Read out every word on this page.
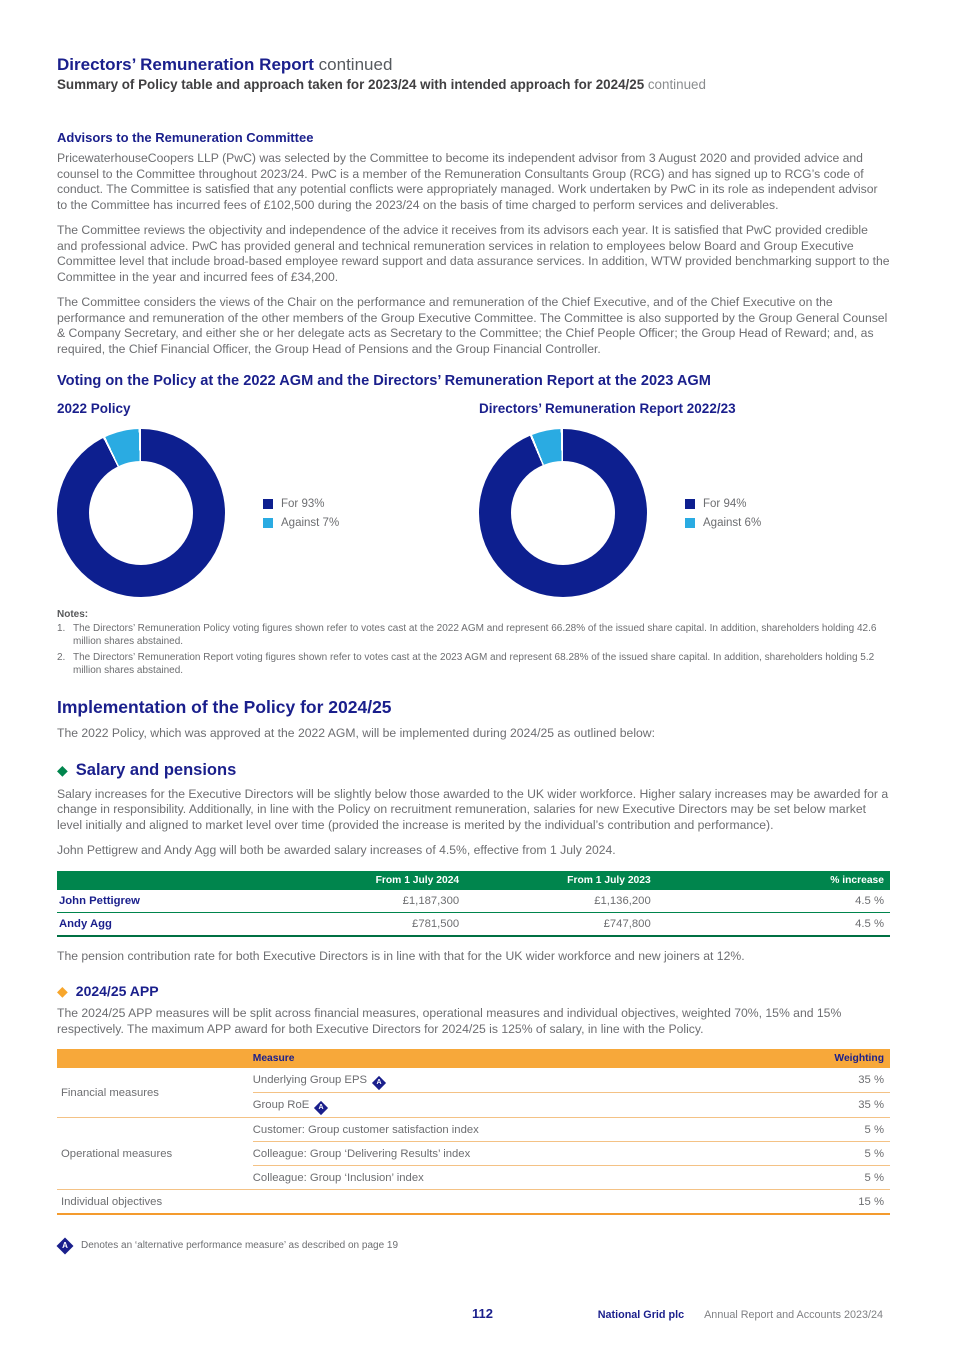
Directors’ Remuneration Report continued
Summary of Policy table and approach taken for 2023/24 with intended approach for 2024/25 continued
Advisors to the Remuneration Committee

PricewaterhouseCoopers LLP (PwC) was selected by the Committee to become its independent advisor from 3 August 2020 and provided advice and counsel to the Committee throughout 2023/24. PwC is a member of the Remuneration Consultants Group (RCG) and has signed up to RCG’s code of conduct. The Committee is satisfied that any potential conflicts were appropriately managed. Work undertaken by PwC in its role as independent advisor to the Committee has incurred fees of £102,500 during the 2023/24 on the basis of time charged to perform services and deliverables.

The Committee reviews the objectivity and independence of the advice it receives from its advisors each year. It is satisfied that PwC provided credible and professional advice. PwC has provided general and technical remuneration services in relation to employees below Board and Group Executive Committee level that include broad-based employee reward support and data assurance services. In addition, WTW provided benchmarking support to the Committee in the year and incurred fees of £34,200.

The Committee considers the views of the Chair on the performance and remuneration of the Chief Executive, and of the Chief Executive on the performance and remuneration of the other members of the Group Executive Committee. The Committee is also supported by the Group General Counsel & Company Secretary, and either she or her delegate acts as Secretary to the Committee; the Chief People Officer; the Group Head of Reward; and, as required, the Chief Financial Officer, the Group Head of Pensions and the Group Financial Controller.

Voting on the Policy at the 2022 AGM and the Directors’ Remuneration Report at the 2023 AGM
2022 Policy
For 93%
Against 7%
Directors’ Remuneration Report 2022/23
For 94%
Against 6%
Notes:
1. The Directors’ Remuneration Policy voting figures shown refer to votes cast at the 2022 AGM and represent 66.28% of the issued share capital. In addition, shareholders holding 42.6 million shares abstained.
2. The Directors’ Remuneration Report voting figures shown refer to votes cast at the 2023 AGM and represent 68.28% of the issued share capital. In addition, shareholders holding 5.2 million shares abstained.
Implementation of the Policy for 2024/25

The 2022 Policy, which was approved at the 2022 AGM, will be implemented during 2024/25 as outlined below:

◆ Salary and pensions

Salary increases for the Executive Directors will be slightly below those awarded to the UK wider workforce. Higher salary increases may be awarded for a change in responsibility. Additionally, in line with the Policy on recruitment remuneration, salaries for new Executive Directors may be set below market level initially and aligned to market level over time (provided the increase is merited by the individual’s contribution and performance).

John Pettigrew and Andy Agg will both be awarded salary increases of 4.5%, effective from 1 July 2024.

	From 1 July 2024	From 1 July 2023	% increase
John Pettigrew	£1,187,300	£1,136,200	4.5 %
Andy Agg	£781,500	£747,800	4.5 %

The pension contribution rate for both Executive Directors is in line with that for the UK wider workforce and new joiners at 12%.

◆ 2024/25 APP

The 2024/25 APP measures will be split across financial measures, operational measures and individual objectives, weighted 70%, 15% and 15% respectively. The maximum APP award for both Executive Directors for 2024/25 is 125% of salary, in line with the Policy.

	Measure	Weighting
Financial measures	Underlying Group EPS A	35 %
	Group RoE A	35 %
Operational measures	Customer: Group customer satisfaction index	5 %
	Colleague: Group ‘Delivering Results’ index	5 %
	Colleague: Group ‘Inclusion’ index	5 %
Individual objectives		15 %
A	Denotes an ‘alternative performance measure’ as described on page 19
112	National Grid plc Annual Report and Accounts 2023/24
